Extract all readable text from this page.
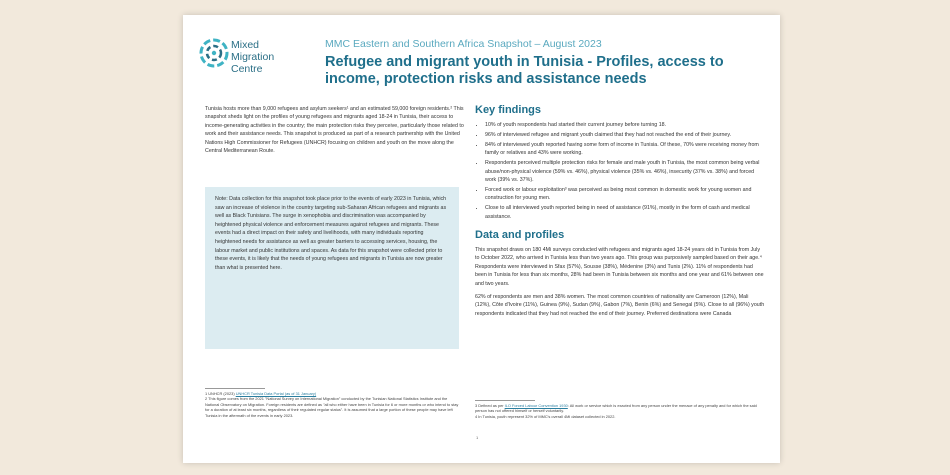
Mixed
Migration
Centre
MMC Eastern and Southern Africa Snapshot – August 2023
Refugee and migrant youth in Tunisia - Profiles, access to income, protection risks and assistance needs
Tunisia hosts more than 9,000 refugees and asylum seekers¹ and an estimated 59,000 foreign residents.² This snapshot sheds light on the profiles of young refugees and migrants aged 18-24 in Tunisia, their access to income-generating activities in the country; the main protection risks they perceive, particularly those related to work and their assistance needs. This snapshot is produced as part of a research partnership with the United Nations High Commissioner for Refugees (UNHCR) focusing on children and youth on the move along the Central Mediterranean Route.
Note: Data collection for this snapshot took place prior to the events of early 2023 in Tunisia, which saw an increase of violence in the country targeting sub-Saharan African refugees and migrants as well as Black Tunisians. The surge in xenophobia and discrimination was accompanied by heightened physical violence and enforcement measures against refugees and migrants. These events had a direct impact on their safety and livelihoods, with many individuals reporting heightened needs for assistance as well as greater barriers to accessing services, housing, the labour market and public institutions and spaces. As data for this snapshot were collected prior to these events, it is likely that the needs of young refugees and migrants in Tunisia are now greater than what is presented here.
1 UNHCR (2023) UNHCR Tunisia Data Portal (as of 31 January)
2 This figure comes from the 2021 "National Survey on International Migration" conducted by the Tunisian National Statistics Institute and the National Observatory on Migration. Foreign residents are defined as "all who either have been in Tunisia for 6 or more months or who intend to stay for a duration of at least six months, regardless of their regulated regular status". It is assumed that a large portion of these people may have left Tunisia in the aftermath of the events in early 2023.
Key findings
• 10% of youth respondents had started their current journey before turning 18.
• 96% of interviewed refugee and migrant youth claimed that they had not reached the end of their journey.
• 84% of interviewed youth reported having some form of income in Tunisia. Of these, 70% were receiving money from family or relatives and 43% were working.
• Respondents perceived multiple protection risks for female and male youth in Tunisia, the most common being verbal abuse/non-physical violence (59% vs. 46%), physical violence (35% vs. 46%), insecurity (37% vs. 38%) and forced work (39% vs. 37%).
• Forced work or labour exploitation³ was perceived as being most common in domestic work for young women and construction for young men.
• Close to all interviewed youth reported being in need of assistance (91%), mostly in the form of cash and medical assistance.
Data and profiles
This snapshot draws on 180 4Mi surveys conducted with refugees and migrants aged 18-24 years old in Tunisia from July to October 2022, who arrived in Tunisia less than two years ago. This group was purposively sampled based on their age.⁴ Respondents were interviewed in Sfax (57%), Sousse (38%), Médenine (3%) and Tunis (2%). 11% of respondents had been in Tunisia for less than six months, 28% had been in Tunisia between six months and one year and 61% between one and two years.
62% of respondents are men and 38% women. The most common countries of nationality are Cameroon (12%), Mali (12%), Côte d'Ivoire (11%), Guinea (9%), Sudan (9%), Gabon (7%), Benin (6%) and Senegal (5%). Close to all (96%) youth respondents indicated that they had not reached the end of their journey. Preferred destinations were Canada
3 Defined as per ILO Forced Labour Convention 1930: All work or service which is exacted from any person under the menace of any penalty and for which the said person has not offered himself or herself voluntarily.
4 In Tunisia, youth represent 32% of MMC's overall 4Mi dataset collected in 2022.
1
